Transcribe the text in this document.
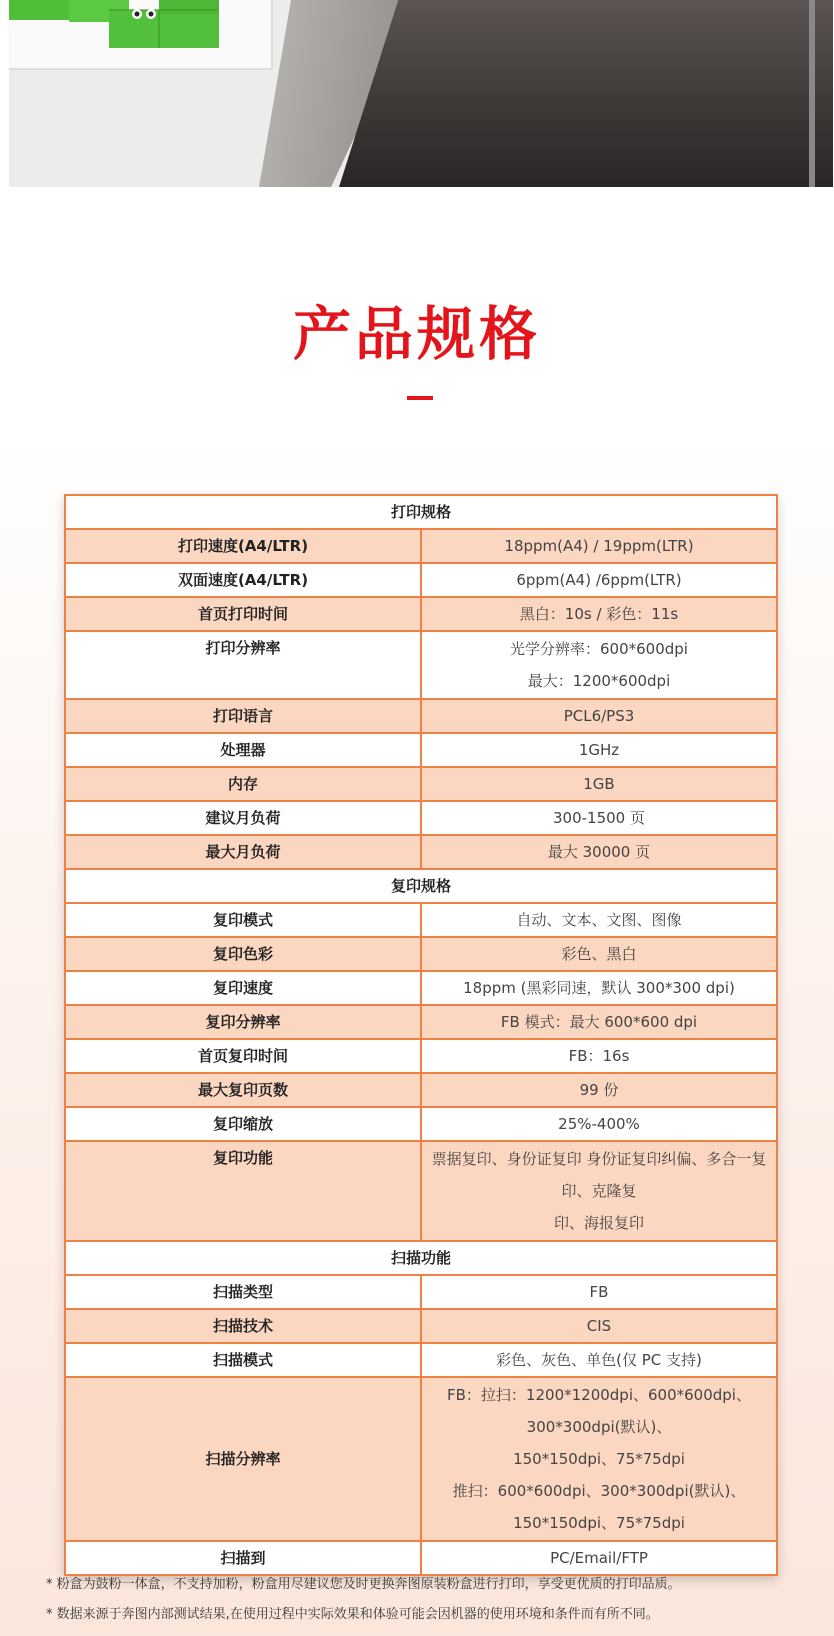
产品规格
打印规格	
打印速度(A4/LTR)	18ppm(A4) / 19ppm(LTR)

双面速度(A4/LTR)	6ppm(A4) /6ppm(LTR)

首页打印时间	黑白：10s / 彩色：11s

打印分辨率	光学分辨率：600*600dpi
最大：1200*600dpi

打印语言	PCL6/PS3

处理器	1GHz

内存	1GB

建议月负荷	300-1500 页

最大月负荷	最大 30000 页

复印规格	
复印模式	自动、文本、文图、图像

复印色彩	彩色、黑白

复印速度	18ppm (黑彩同速，默认 300*300 dpi)

复印分辨率	FB 模式：最大 600*600 dpi

首页复印时间	FB：16s

最大复印页数	99 份

复印缩放	25%-400%

复印功能	票据复印、身份证复印 身份证复印纠偏、多合一复印、克隆复
印、海报复印

扫描功能	
扫描类型	FB

扫描技术	CIS

扫描模式	彩色、灰色、单色(仅 PC 支持)

扫描分辨率	FB：拉扫：1200*1200dpi、600*600dpi、300*300dpi(默认)、
150*150dpi、75*75dpi
推扫：600*600dpi、300*300dpi(默认)、150*150dpi、75*75dpi

扫描到	PC/Email/FTP
* 粉盒为鼓粉一体盒，不支持加粉，粉盒用尽建议您及时更换奔图原装粉盒进行打印，享受更优质的打印品质。
* 数据来源于奔图内部测试结果,在使用过程中实际效果和体验可能会因机器的使用环境和条件而有所不同。
